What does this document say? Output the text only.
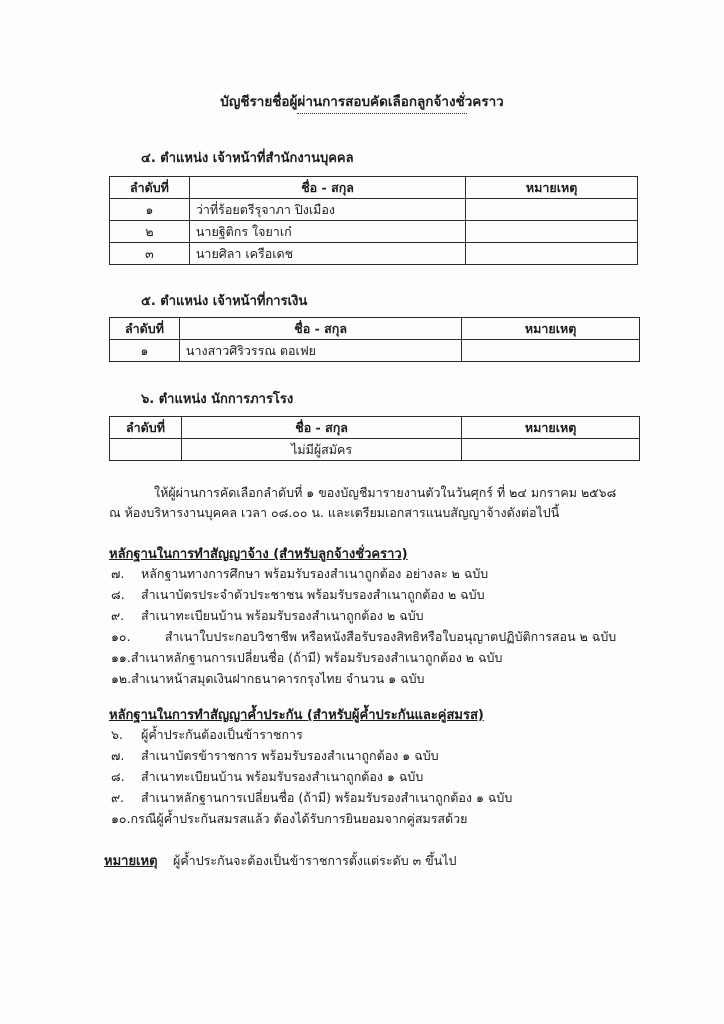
บัญชีรายชื่อผู้ผ่านการสอบคัดเลือกลูกจ้างชั่วคราว
๔. ตำแหน่ง เจ้าหน้าที่สำนักงานบุคคล
ลำดับที่	ชื่อ - สกุล	หมายเหตุ
๑	ว่าที่ร้อยตรีรุจาภา ปิงเมือง	
๒	นายฐิติกร ใจยาเก๋	
๓	นายศิลา เครือเดช	
๕. ตำแหน่ง เจ้าหน้าที่การเงิน
ลำดับที่	ชื่อ - สกุล	หมายเหตุ
๑	นางสาวศิริวรรณ ตอเฟย	
๖. ตำแหน่ง นักการภารโรง
ลำดับที่	ชื่อ - สกุล	หมายเหตุ
	ไม่มีผู้สมัคร	
ให้ผู้ผ่านการคัดเลือกลำดับที่ ๑ ของบัญชีมารายงานตัวในวันศุกร์ ที่ ๒๔ มกราคม ๒๕๖๘
ณ ห้องบริหารงานบุคคล เวลา ๐๘.๐๐ น. และเตรียมเอกสารแนบสัญญาจ้างดังต่อไปนี้
หลักฐานในการทำสัญญาจ้าง (สำหรับลูกจ้างชั่วคราว)
๗.	หลักฐานทางการศึกษา พร้อมรับรองสำเนาถูกต้อง อย่างละ ๒ ฉบับ
๘.	สำเนาบัตรประจำตัวประชาชน พร้อมรับรองสำเนาถูกต้อง ๒ ฉบับ
๙.	สำเนาทะเบียนบ้าน พร้อมรับรองสำเนาถูกต้อง ๒ ฉบับ
๑๐. สำเนาใบประกอบวิชาชีพ หรือหนังสือรับรองสิทธิหรือใบอนุญาตปฏิบัติการสอน ๒ ฉบับ
๑๑. สำเนาหลักฐานการเปลี่ยนชื่อ (ถ้ามี) พร้อมรับรองสำเนาถูกต้อง ๒ ฉบับ
๑๒. สำเนาหน้าสมุดเงินฝากธนาคารกรุงไทย จำนวน ๑ ฉบับ
หลักฐานในการทำสัญญาค้ำประกัน (สำหรับผู้ค้ำประกันและคู่สมรส)
๖.	ผู้ค้ำประกันต้องเป็นข้าราชการ
๗.	สำเนาบัตรข้าราชการ พร้อมรับรองสำเนาถูกต้อง ๑ ฉบับ
๘.	สำเนาทะเบียนบ้าน พร้อมรับรองสำเนาถูกต้อง ๑ ฉบับ
๙.	สำเนาหลักฐานการเปลี่ยนชื่อ (ถ้ามี) พร้อมรับรองสำเนาถูกต้อง ๑ ฉบับ
๑๐. กรณีผู้ค้ำประกันสมรสแล้ว ต้องได้รับการยินยอมจากคู่สมรสด้วย
หมายเหตุ ผู้ค้ำประกันจะต้องเป็นข้าราชการตั้งแต่ระดับ ๓ ขึ้นไป
